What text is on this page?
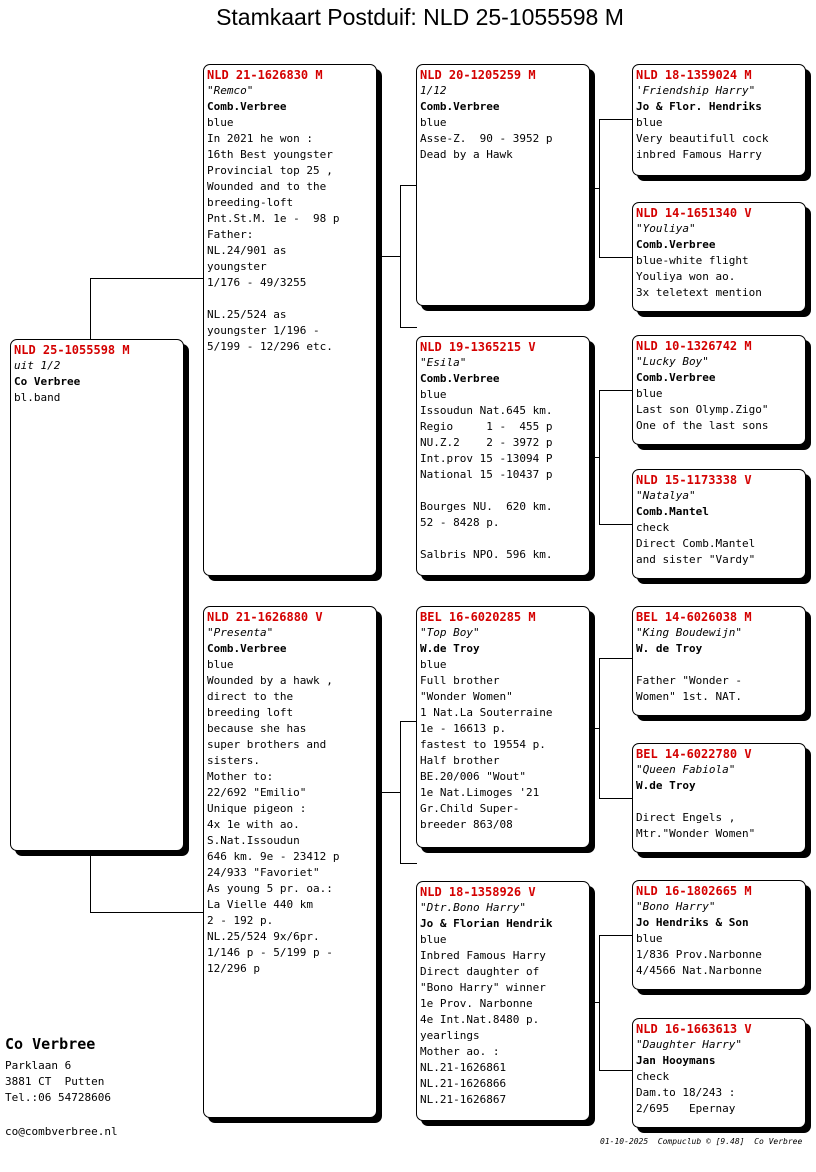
Stamkaart Postduif: NLD 25-1055598 M
NLD 25-1055598 M
uit 1/2
Co Verbree
bl.band
NLD 21-1626830 M
"Remco"
Comb.Verbree
blue
In 2021 he won :
16th Best youngster
Provincial top 25 ,
Wounded and to the
breeding-loft
Pnt.St.M. 1e -  98 p
Father:
NL.24/901 as
youngster
1/176 - 49/3255
NL.25/524 as
youngster 1/196 -
5/199 - 12/296 etc.
NLD 21-1626880 V
"Presenta"
Comb.Verbree
blue
Wounded by a hawk ,
direct to the
breeding loft
because she has
super brothers and
sisters.
Mother to:
22/692 "Emilio"
Unique pigeon :
4x 1e with ao.
S.Nat.Issoudun
646 km. 9e - 23412 p
24/933 "Favoriet"
As young 5 pr. oa.:
La Vielle 440 km
2 - 192 p.
NL.25/524 9x/6pr.
1/146 p - 5/199 p -
12/296 p
NLD 20-1205259 M
1/12
Comb.Verbree
blue
Asse-Z.  90 - 3952 p
Dead by a Hawk
NLD 19-1365215 V
"Esila"
Comb.Verbree
blue
Issoudun Nat.645 km.
Regio     1 -  455 p
NU.Z.2    2 - 3972 p
Int.prov 15 -13094 P
National 15 -10437 p
Bourges NU.  620 km.
52 - 8428 p.
Salbris NPO. 596 km.
BEL 16-6020285 M
"Top Boy"
W.de Troy
blue
Full brother
"Wonder Women"
1 Nat.La Souterraine
1e - 16613 p.
fastest to 19554 p.
Half brother
BE.20/006 "Wout"
1e Nat.Limoges '21
Gr.Child Super-
breeder 863/08
NLD 18-1358926 V
"Dtr.Bono Harry"
Jo & Florian Hendrik
blue
Inbred Famous Harry
Direct daughter of
"Bono Harry" winner
1e Prov. Narbonne
4e Int.Nat.8480 p.
yearlings
Mother ao. :
NL.21-1626861
NL.21-1626866
NL.21-1626867
NLD 18-1359024 M
'Friendship Harry"
Jo & Flor. Hendriks
blue
Very beautifull cock
inbred Famous Harry
NLD 14-1651340 V
"Youliya"
Comb.Verbree
blue-white flight
Youliya won ao.
3x teletext mention
NLD 10-1326742 M
"Lucky Boy"
Comb.Verbree
blue
Last son Olymp.Zigo"
One of the last sons
NLD 15-1173338 V
"Natalya"
Comb.Mantel
check
Direct Comb.Mantel
and sister "Vardy"
BEL 14-6026038 M
"King Boudewijn"
W. de Troy
Father "Wonder -
Women" 1st. NAT.
BEL 14-6022780 V
"Queen Fabiola"
W.de Troy
Direct Engels ,
Mtr."Wonder Women"
NLD 16-1802665 M
"Bono Harry"
Jo Hendriks & Son
blue
1/836 Prov.Narbonne
4/4566 Nat.Narbonne
NLD 16-1663613 V
"Daughter Harry"
Jan Hooymans
check
Dam.to 18/243 :
2/695   Epernay
Co Verbree
Parklaan 6
3881 CT  Putten
Tel.:06 54728606
co@combverbree.nl
01-10-2025  Compuclub © [9.48]  Co Verbree
